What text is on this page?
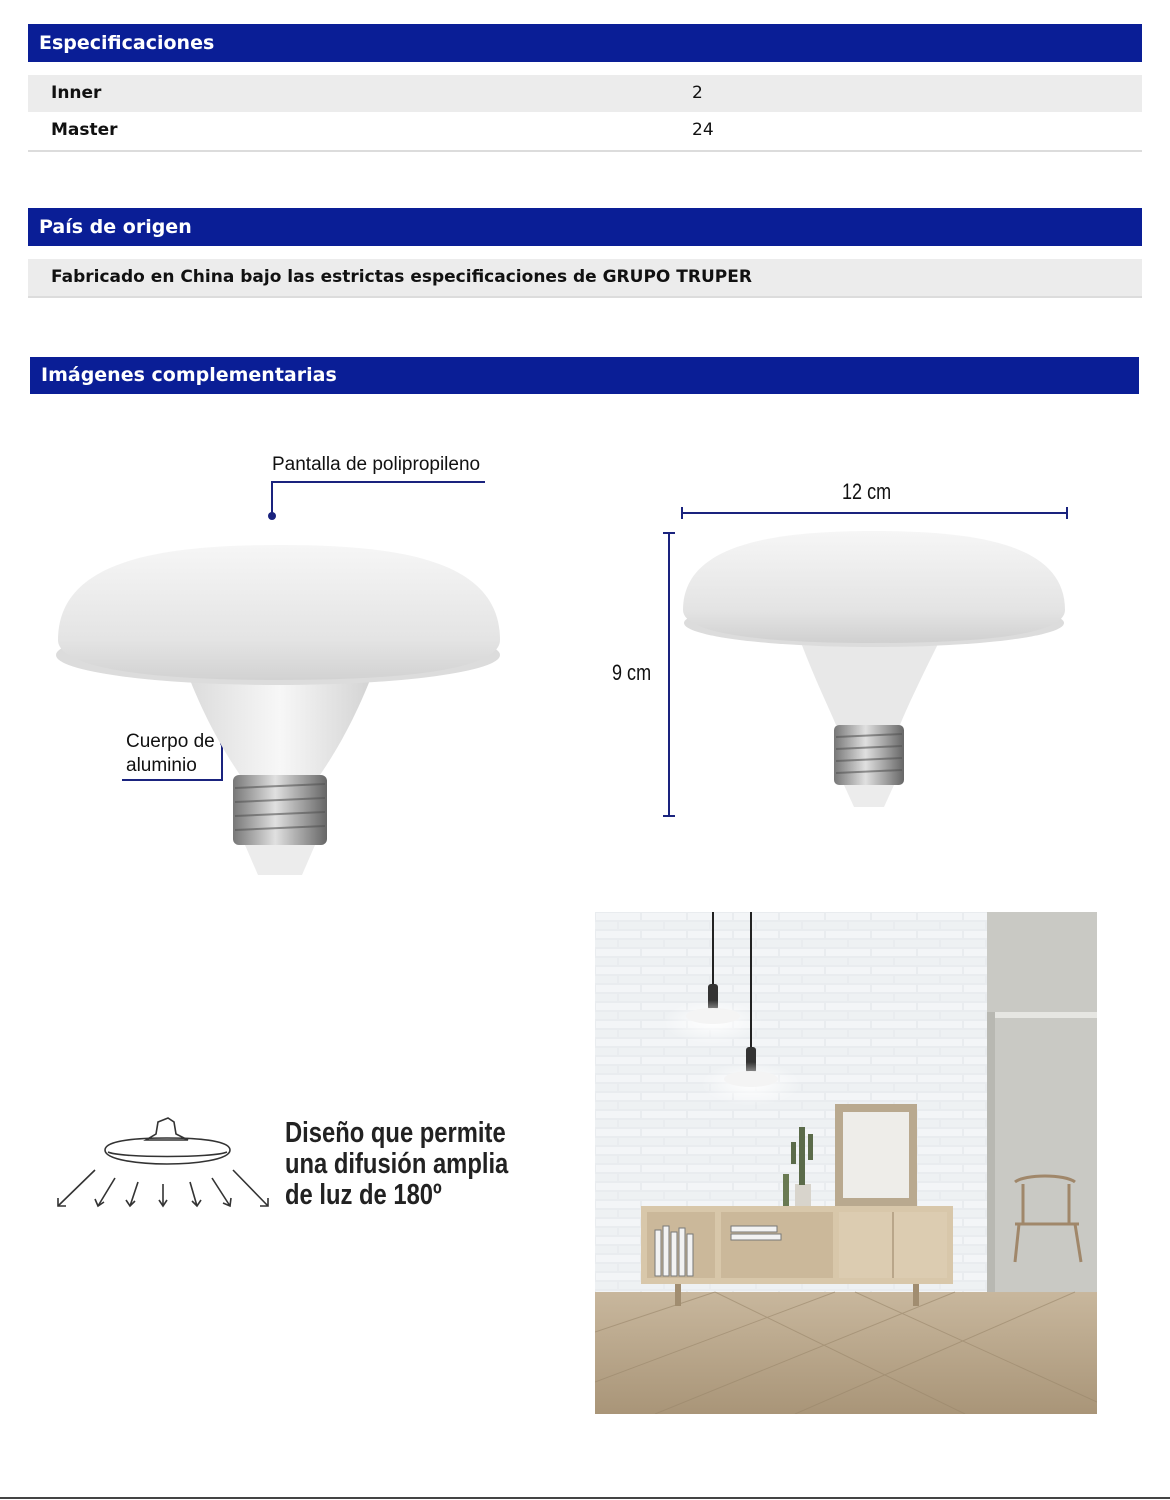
Especificaciones
Inner	2
Master	24
País de origen
Fabricado en China bajo las estrictas especificaciones de GRUPO TRUPER
Imágenes complementarias
Pantalla de polipropileno
Cuerpo de
aluminio
12 cm
9 cm
Diseño que permite
una difusión amplia
de luz de 180º
